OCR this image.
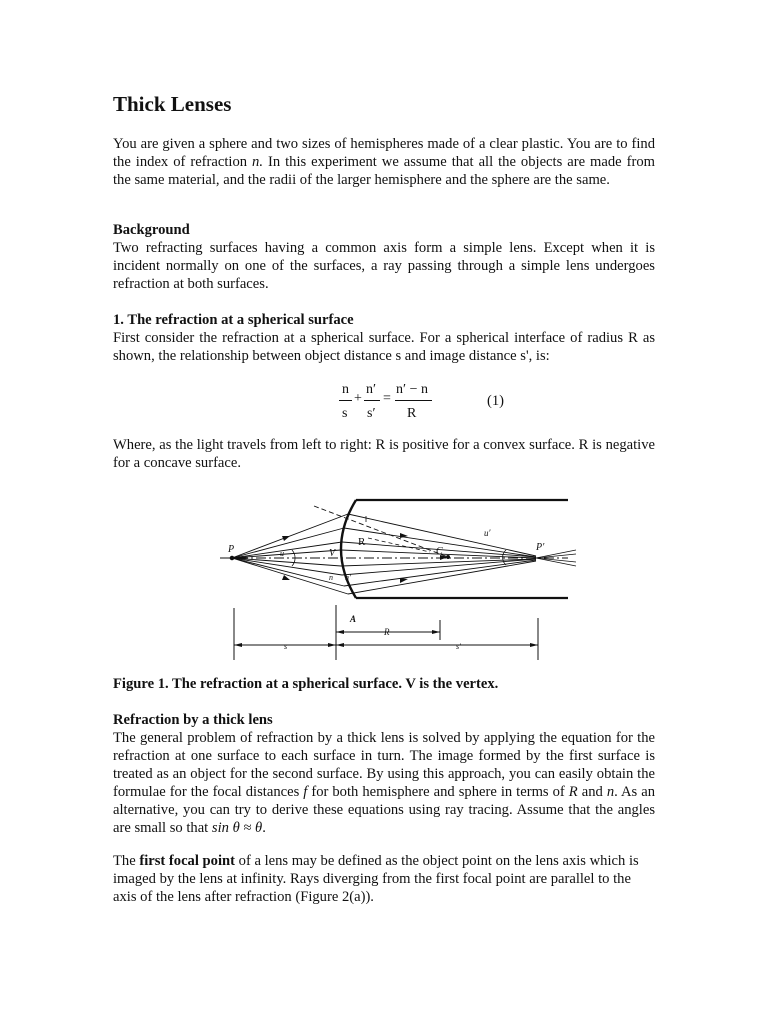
Thick Lenses

You are given a sphere and two sizes of hemispheres made of a clear plastic. You are to find the index of refraction n. In this experiment we assume that all the objects are made from the same material, and the radii of the larger hemisphere and the sphere are the same.

Background

Two refracting surfaces having a common axis form a simple lens. Except when it is incident normally on one of the surfaces, a ray passing through a simple lens undergoes refraction at both surfaces.

1. The refraction at a spherical surface

First consider the refraction at a spherical surface. For a spherical interface of radius R as shown, the relationship between object distance s and image distance s', is:

n
s
+
n′
s′
=
n′ − n
R
(1)

Where, as the light travels from left to right: R is positive for a convex surface. R is negative for a concave surface.

P	u	V
R
C
u′
P′
n n′
A
R
s	s′
Figure 1. The refraction at a spherical surface. V is the vertex.
Refraction by a thick lens

The general problem of refraction by a thick lens is solved by applying the equation for the refraction at one surface to each surface in turn. The image formed by the first surface is treated as an object for the second surface. By using this approach, you can easily obtain the formulae for the focal distances f for both hemisphere and sphere in terms of R and n. As an alternative, you can try to derive these equations using ray tracing. Assume that the angles are small so that sin θ ≈ θ.

The first focal point of a lens may be defined as the object point on the lens axis which is imaged by the lens at infinity. Rays diverging from the first focal point are parallel to the axis of the lens after refraction (Figure 2(a)).
